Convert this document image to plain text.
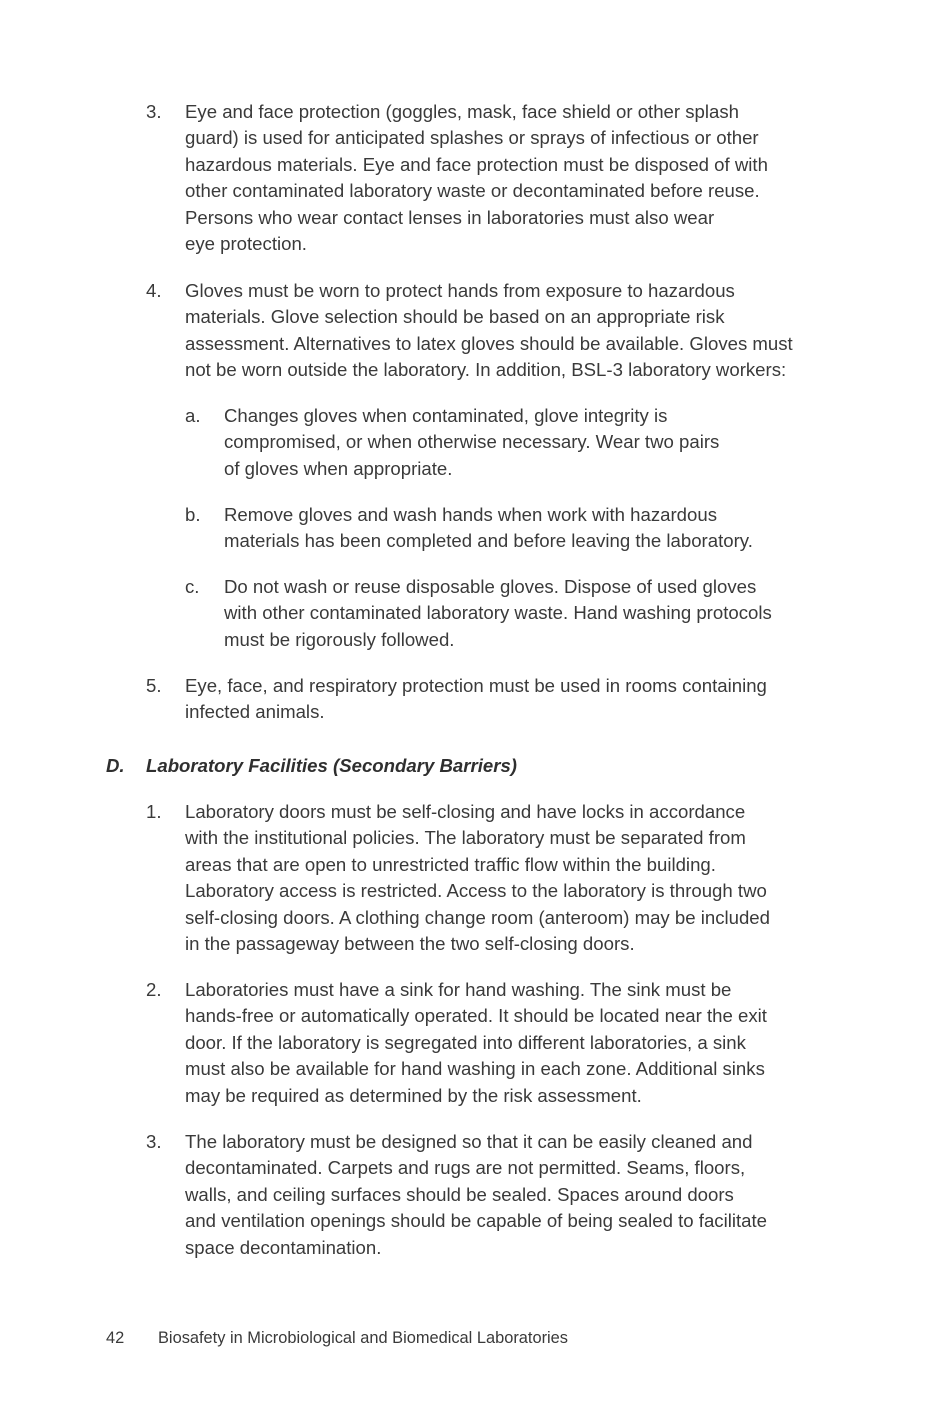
3.	Eye and face protection (goggles, mask, face shield or other splash
guard) is used for anticipated splashes or sprays of infectious or other
hazardous materials. Eye and face protection must be disposed of with
other contaminated laboratory waste or decontaminated before reuse.
Persons who wear contact lenses in laboratories must also wear
eye protection.
4.	Gloves must be worn to protect hands from exposure to hazardous
materials. Glove selection should be based on an appropriate risk
assessment. Alternatives to latex gloves should be available. Gloves must
not be worn outside the laboratory. In addition, BSL-3 laboratory workers:
a.	Changes gloves when contaminated, glove integrity is
compromised, or when otherwise necessary. Wear two pairs
of gloves when appropriate.
b.	Remove gloves and wash hands when work with hazardous
materials has been completed and before leaving the laboratory.
c.	Do not wash or reuse disposable gloves. Dispose of used gloves
with other contaminated laboratory waste. Hand washing protocols
must be rigorously followed.
5.	Eye, face, and respiratory protection must be used in rooms containing
infected animals.
D.	Laboratory Facilities (Secondary Barriers)
1.	Laboratory doors must be self-closing and have locks in accordance
with the institutional policies. The laboratory must be separated from
areas that are open to unrestricted traffic flow within the building.
Laboratory access is restricted. Access to the laboratory is through two
self-closing doors. A clothing change room (anteroom) may be included
in the passageway between the two self-closing doors.
2.	Laboratories must have a sink for hand washing. The sink must be
hands-free or automatically operated. It should be located near the exit
door. If the laboratory is segregated into different laboratories, a sink
must also be available for hand washing in each zone. Additional sinks
may be required as determined by the risk assessment.
3.	The laboratory must be designed so that it can be easily cleaned and
decontaminated. Carpets and rugs are not permitted. Seams, floors,
walls, and ceiling surfaces should be sealed. Spaces around doors
and ventilation openings should be capable of being sealed to facilitate
space decontamination.
42	Biosafety in Microbiological and Biomedical Laboratories
